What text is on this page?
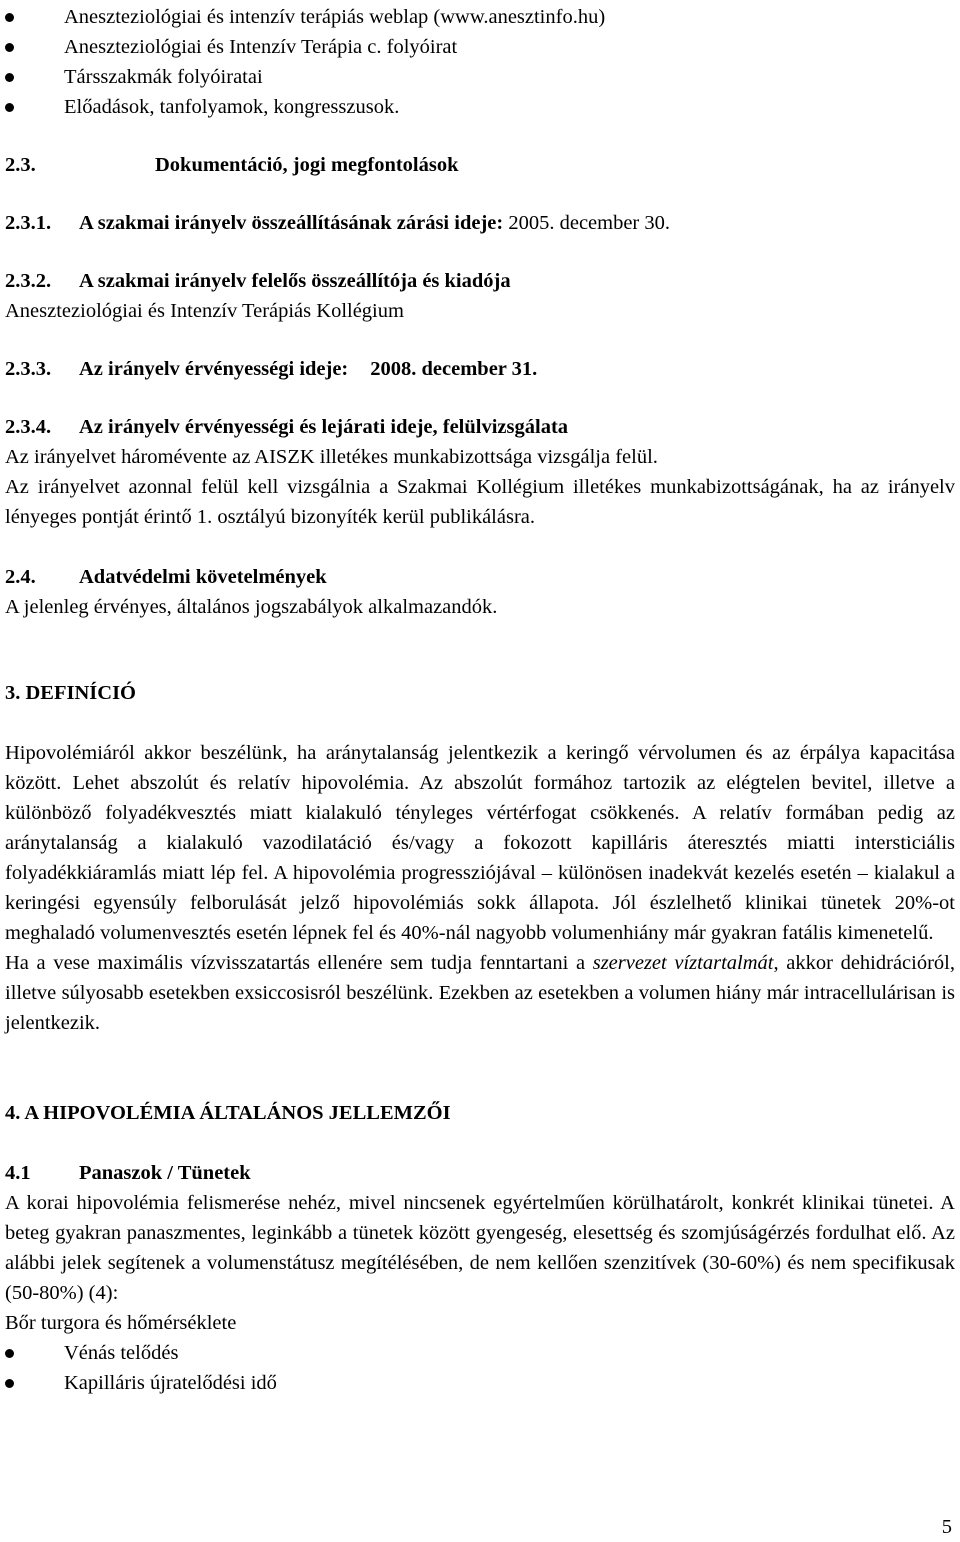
Aneszteziológiai és intenzív terápiás weblap (www.anesztinfo.hu)
Aneszteziológiai és Intenzív Terápia c. folyóirat
Társszakmák folyóiratai
Előadások, tanfolyamok, kongresszusok.
2.3.	Dokumentáció, jogi megfontolások
2.3.1. A szakmai irányelv összeállításának zárási ideje: 2005. december 30.
2.3.2. A szakmai irányelv felelős összeállítója és kiadója
Aneszteziológiai és Intenzív Terápiás Kollégium
2.3.3. Az irányelv érvényességi ideje: 2008. december 31.
2.3.4. Az irányelv érvényességi és lejárati ideje, felülvizsgálata
Az irányelvet háromévente az AISZK illetékes munkabizottsága vizsgálja felül.
Az irányelvet azonnal felül kell vizsgálnia a Szakmai Kollégium illetékes munkabizottságának, ha az irányelv lényeges pontját érintő 1. osztályú bizonyíték kerül publikálásra.
2.4. Adatvédelmi követelmények
A jelenleg érvényes, általános jogszabályok alkalmazandók.
3. DEFINÍCIÓ
Hipovolémiáról akkor beszélünk, ha aránytalanság jelentkezik a keringő vérvolumen és az érpálya kapacitása között. Lehet abszolút és relatív hipovolémia. Az abszolút formához tartozik az elégtelen bevitel, illetve a különböző folyadékvesztés miatt kialakuló tényleges vértérfogat csökkenés. A relatív formában pedig az aránytalanság a kialakuló vazodilatáció és/vagy a fokozott kapilláris áteresztés miatti intersticiális folyadékkiáramlás miatt lép fel. A hipovolémia progressziójával – különösen inadekvát kezelés esetén – kialakul a keringési egyensúly felborulását jelző hipovolémiás sokk állapota. Jól észlelhető klinikai tünetek 20%-ot meghaladó volumenvesztés esetén lépnek fel és 40%-nál nagyobb volumenhiány már gyakran fatális kimenetelű.
Ha a vese maximális vízvisszatartás ellenére sem tudja fenntartani a szervezet víztartalmát, akkor dehidrációról, illetve súlyosabb esetekben exsiccosisról beszélünk. Ezekben az esetekben a volumen hiány már intracellulárisan is jelentkezik.
4. A HIPOVOLÉMIA ÁLTALÁNOS JELLEMZŐI
4.1 Panaszok / Tünetek
A korai hipovolémia felismerése nehéz, mivel nincsenek egyértelműen körülhatárolt, konkrét klinikai tünetei. A beteg gyakran panaszmentes, leginkább a tünetek között gyengeség, elesettség és szomjúságérzés fordulhat elő. Az alábbi jelek segítenek a volumenstátusz megítélésében, de nem kellően szenzitívek (30-60%) és nem specifikusak (50-80%) (4):
Bőr turgora és hőmérséklete
Vénás telődés
Kapilláris újratelődési idő
5
